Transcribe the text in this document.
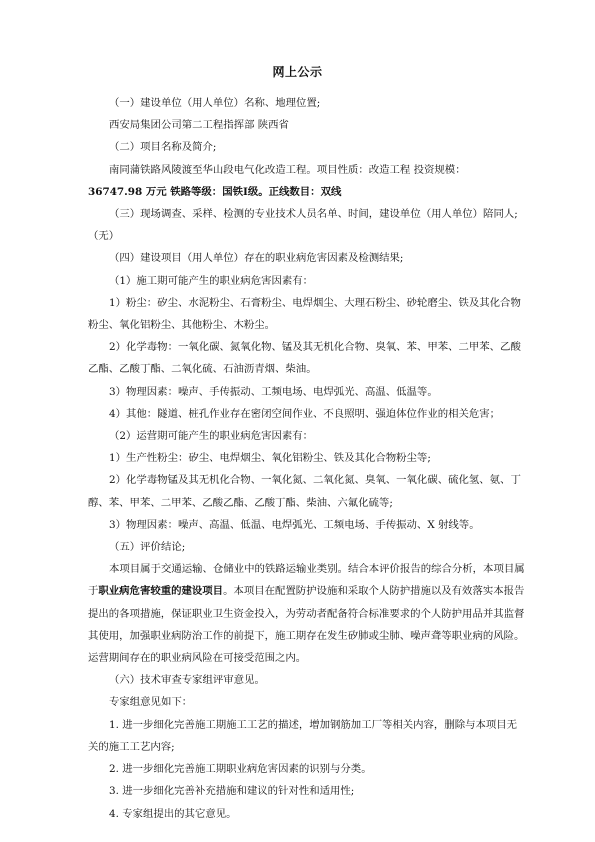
网上公示

（一）建设单位（用人单位）名称、地理位置;

西安局集团公司第二工程指挥部 陕西省

（二）项目名称及简介;

南同蒲铁路风陵渡至华山段电气化改造工程。项目性质：改造工程 投资规模：

36747.98 万元 铁路等级：国铁Ⅰ级。正线数目：双线

（三）现场调查、采样、检测的专业技术人员名单、时间，建设单位（用人单位）陪同人;（无）

（四）建设项目（用人单位）存在的职业病危害因素及检测结果;

（1）施工期可能产生的职业病危害因素有：

1）粉尘：矽尘、水泥粉尘、石膏粉尘、电焊烟尘、大理石粉尘、砂轮磨尘、铁及其化合物粉尘、氧化铝粉尘、其他粉尘、木粉尘。

2）化学毒物：一氧化碳、氮氧化物、锰及其无机化合物、臭氧、苯、甲苯、二甲苯、乙酸乙酯、乙酸丁酯、二氧化硫、石油沥青烟、柴油。

3）物理因素：噪声、手传振动、工频电场、电焊弧光、高温、低温等。

4）其他：隧道、桩孔作业存在密闭空间作业、不良照明、强迫体位作业的相关危害；

（2）运营期可能产生的职业病危害因素有：

1）生产性粉尘：矽尘、电焊烟尘、氧化铝粉尘、铁及其化合物粉尘等;

2）化学毒物锰及其无机化合物、一氧化氮、二氧化氮、臭氧、一氧化碳、硫化氢、氨、丁醇、苯、甲苯、二甲苯、乙酸乙酯、乙酸丁酯、柴油、六氟化硫等;

3）物理因素：噪声、高温、低温、电焊弧光、工频电场、手传振动、X 射线等。

（五）评价结论;

本项目属于交通运输、仓储业中的铁路运输业类别。结合本评价报告的综合分析，本项目属于职业病危害较重的建设项目。本项目在配置防护设施和采取个人防护措施以及有效落实本报告提出的各项措施，保证职业卫生资金投入，为劳动者配备符合标准要求的个人防护用品并其监督其使用，加强职业病防治工作的前提下，施工期存在发生矽肺或尘肺、噪声聋等职业病的风险。运营期间存在的职业病风险在可接受范围之内。

（六）技术审查专家组评审意见。

专家组意见如下：

1. 进一步细化完善施工期施工工艺的描述，增加钢筋加工厂等相关内容，删除与本项目无关的施工工艺内容;

2. 进一步细化完善施工期职业病危害因素的识别与分类。

3. 进一步细化完善补充措施和建议的针对性和适用性;

4. 专家组提出的其它意见。
